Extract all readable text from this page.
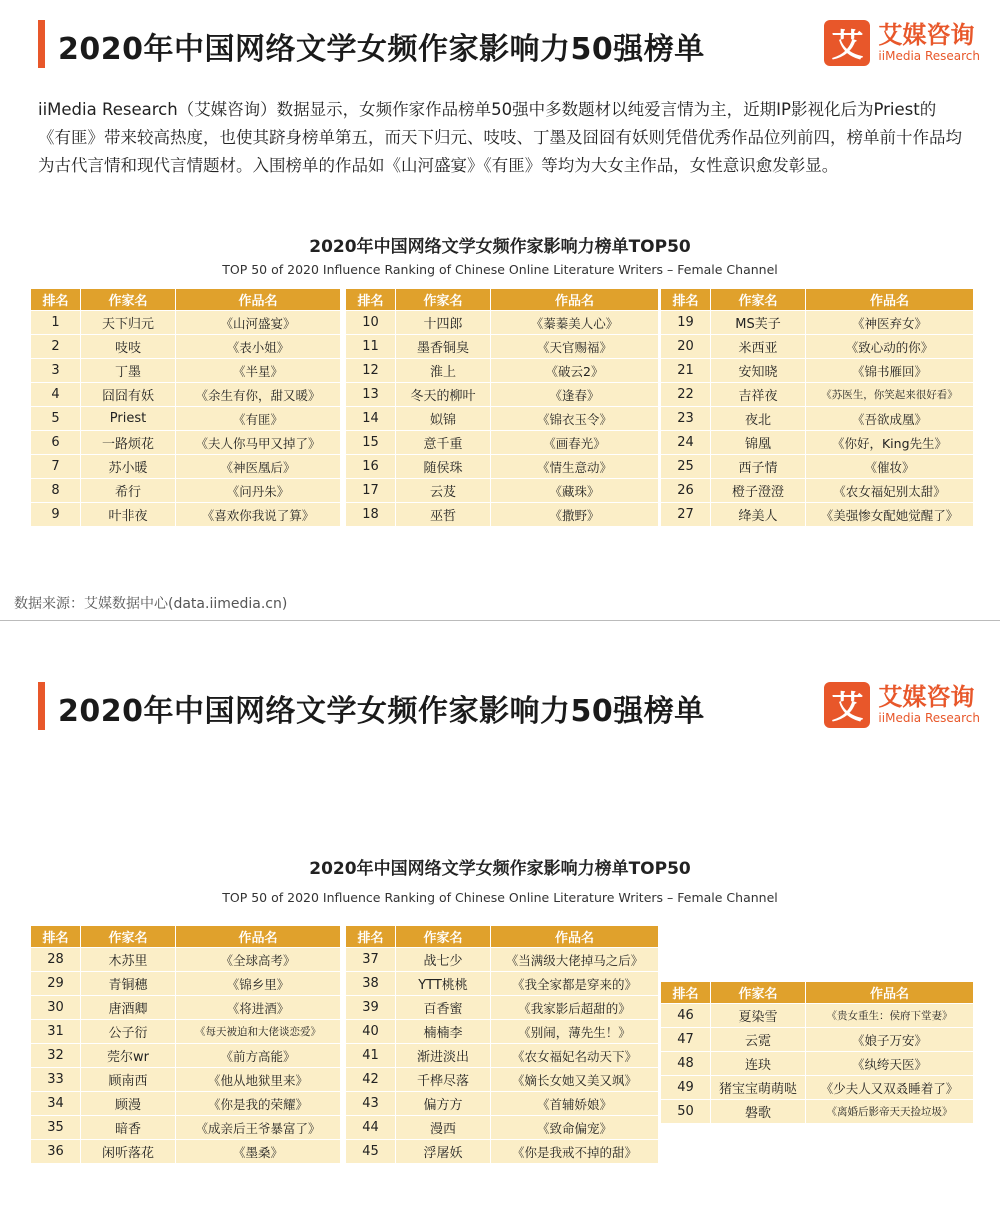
2020年中国网络文学女频作家影响力50强榜单	艾 艾媒咨询
iiMedia Research

iiMedia Research（艾媒咨询）数据显示，女频作家作品榜单50强中多数题材以纯爱言情为主，近期IP影视化后为Priest的《有匪》带来较高热度，也使其跻身榜单第五，而天下归元、吱吱、丁墨及囧囧有妖则凭借优秀作品位列前四，榜单前十作品均为古代言情和现代言情题材。入围榜单的作品如《山河盛宴》《有匪》等均为大女主作品，女性意识愈发彰显。

2020年中国网络文学女频作家影响力榜单TOP50
TOP 50 of 2020 Influence Ranking of Chinese Online Literature Writers – Female Channel
排名	作家名	作品名
1	天下归元	《山河盛宴》
2	吱吱	《表小姐》
3	丁墨	《半星》
4	囧囧有妖	《余生有你，甜又暖》
5	Priest	《有匪》
6	一路烦花	《夫人你马甲又掉了》
7	苏小暖	《神医凰后》
8	希行	《问丹朱》
9	叶非夜	《喜欢你我说了算》
排名	作家名	作品名
10	十四郎	《蓁蓁美人心》
11	墨香铜臭	《天官赐福》
12	淮上	《破云2》
13	冬天的柳叶	《逢春》
14	姒锦	《锦衣玉令》
15	意千重	《画春光》
16	随侯珠	《情生意动》
17	云芨	《藏珠》
18	巫哲	《撒野》
排名	作家名	作品名
19	MS芙子	《神医弃女》
20	米西亚	《致心动的你》
21	安知晓	《锦书雁回》
22	吉祥夜	《苏医生，你笑起来很好看》
23	夜北	《吾欲成凰》
24	锦凰	《你好，King先生》
25	西子情	《催妆》
26	橙子澄澄	《农女福妃别太甜》
27	绛美人	《美强惨女配她觉醒了》
数据来源：艾媒数据中心(data.iimedia.cn)
2020年中国网络文学女频作家影响力50强榜单	艾 艾媒咨询
iiMedia Research
2020年中国网络文学女频作家影响力榜单TOP50
TOP 50 of 2020 Influence Ranking of Chinese Online Literature Writers – Female Channel
排名	作家名	作品名
28	木苏里	《全球高考》
29	青铜穗	《锦乡里》
30	唐酒卿	《将进酒》
31	公子衍	《每天被迫和大佬谈恋爱》
32	莞尔wr	《前方高能》
33	顾南西	《他从地狱里来》
34	顾漫	《你是我的荣耀》
35	暗香	《成亲后王爷暴富了》
36	闲听落花	《墨桑》
排名	作家名	作品名
37	战七少	《当满级大佬掉马之后》
38	YTT桃桃	《我全家都是穿来的》
39	百香蜜	《我家影后超甜的》
40	楠楠李	《别闹，薄先生！》
41	渐进淡出	《农女福妃名动天下》
42	千桦尽落	《嫡长女她又美又飒》
43	偏方方	《首辅娇娘》
44	漫西	《致命偏宠》
45	浮屠妖	《你是我戒不掉的甜》
排名	作家名	作品名
46	夏染雪	《贵女重生：侯府下堂妻》
47	云霓	《娘子万安》
48	连玦	《纨绔天医》
49	猪宝宝萌萌哒	《少夫人又双叒睡着了》
50	磐歌	《离婚后影帝天天捡垃圾》
